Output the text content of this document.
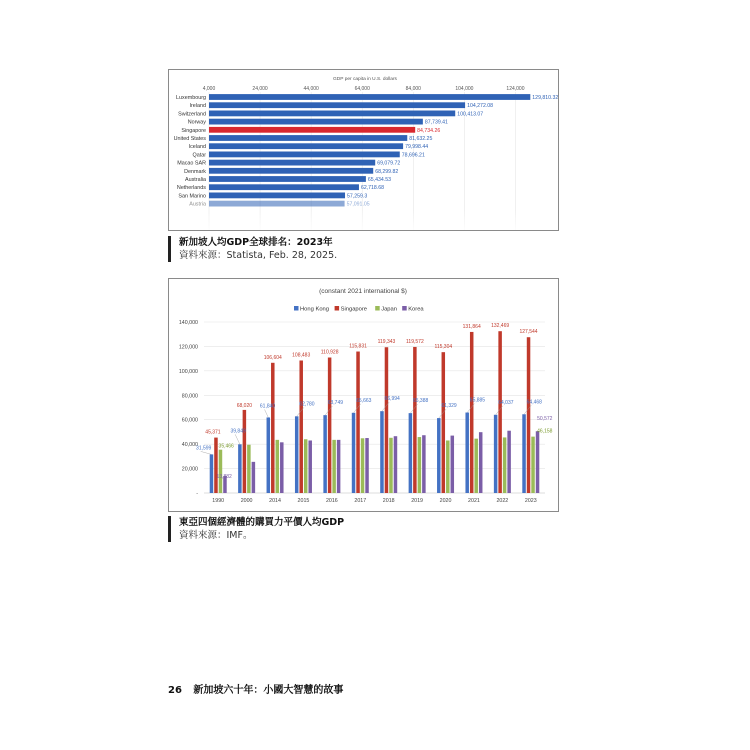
GDP per capita in U.S. dollars
4,000	24,000	44,000	64,000	84,000	104,000	124,000
Luxembourg	129,810.32
Ireland	104,272.08
Switzerland	100,413.07
Norway	87,739.41
Singapore	84,734.26
United States	81,632.25
Iceland	79,998.44
Qatar	78,696.21
Macao SAR	69,079.72
Denmark	68,299.82
Australia	65,434.53
Netherlands	62,718.68
San Marino	57,259.3
Austria	57,091.05
新加坡人均GDP全球排名：2023年
資料來源：Statista, Feb. 28, 2025.
(constant 2021 international $)
Hong Kong Singapore Japan Korea
-
20,000
40,000
60,000
80,000
100,000
120,000
140,000
1990	2000	2014	2015	2016	2017	2018	2019	2020	2021	2022	2023
45,371
31,599
68,020
39,849
106,604
61,840
108,483
62,780
110,928
63,749
115,831
65,663
119,343
66,994
119,572
65,388
115,304
61,329
131,864
65,885
132,469
64,037
127,544
64,468
35,466
46,158
13,882
50,572
東亞四個經濟體的購買力平價人均GDP
資料來源：IMF。
26 新加坡六十年：小國大智慧的故事
